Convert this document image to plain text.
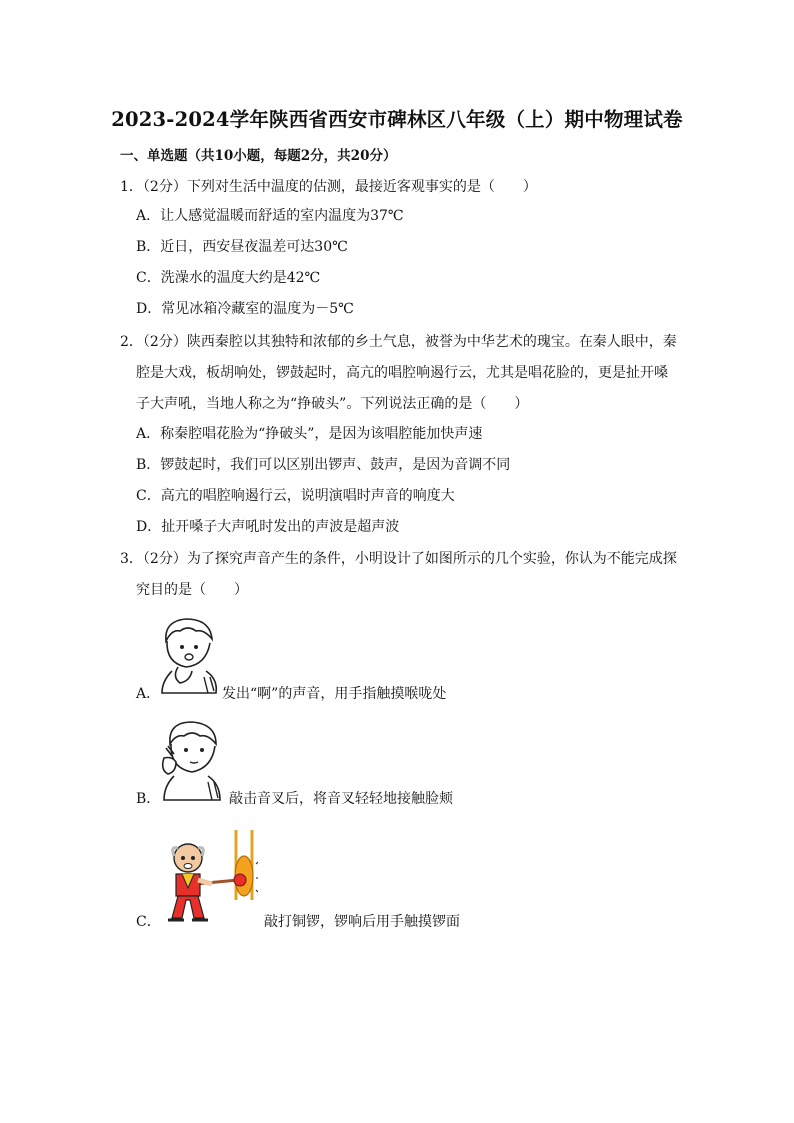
2023-2024学年陕西省西安市碑林区八年级（上）期中物理试卷
一、单选题（共10小题，每题2分，共20分）
1．（2分）下列对生活中温度的估测，最接近客观事实的是（　　）
A．让人感觉温暖而舒适的室内温度为37℃
B．近日，西安昼夜温差可达30℃
C．洗澡水的温度大约是42℃
D．常见冰箱冷藏室的温度为－5℃
2．（2分）陕西秦腔以其独特和浓郁的乡土气息，被誉为中华艺术的瑰宝。在秦人眼中，秦
腔是大戏，板胡响处，锣鼓起时，高亢的唱腔响遏行云，尤其是唱花脸的，更是扯开嗓
子大声吼，当地人称之为“挣破头”。下列说法正确的是（　　）
A．称秦腔唱花脸为“挣破头”，是因为该唱腔能加快声速
B．锣鼓起时，我们可以区别出锣声、鼓声，是因为音调不同
C．高亢的唱腔响遏行云，说明演唱时声音的响度大
D．扯开嗓子大声吼时发出的声波是超声波
3．（2分）为了探究声音产生的条件，小明设计了如图所示的几个实验，你认为不能完成探
究目的是（　　）
A．	发出“啊”的声音，用手指触摸喉咙处
B．	敲击音叉后，将音叉轻轻地接触脸颊
C．	敲打铜锣，锣响后用手触摸锣面
